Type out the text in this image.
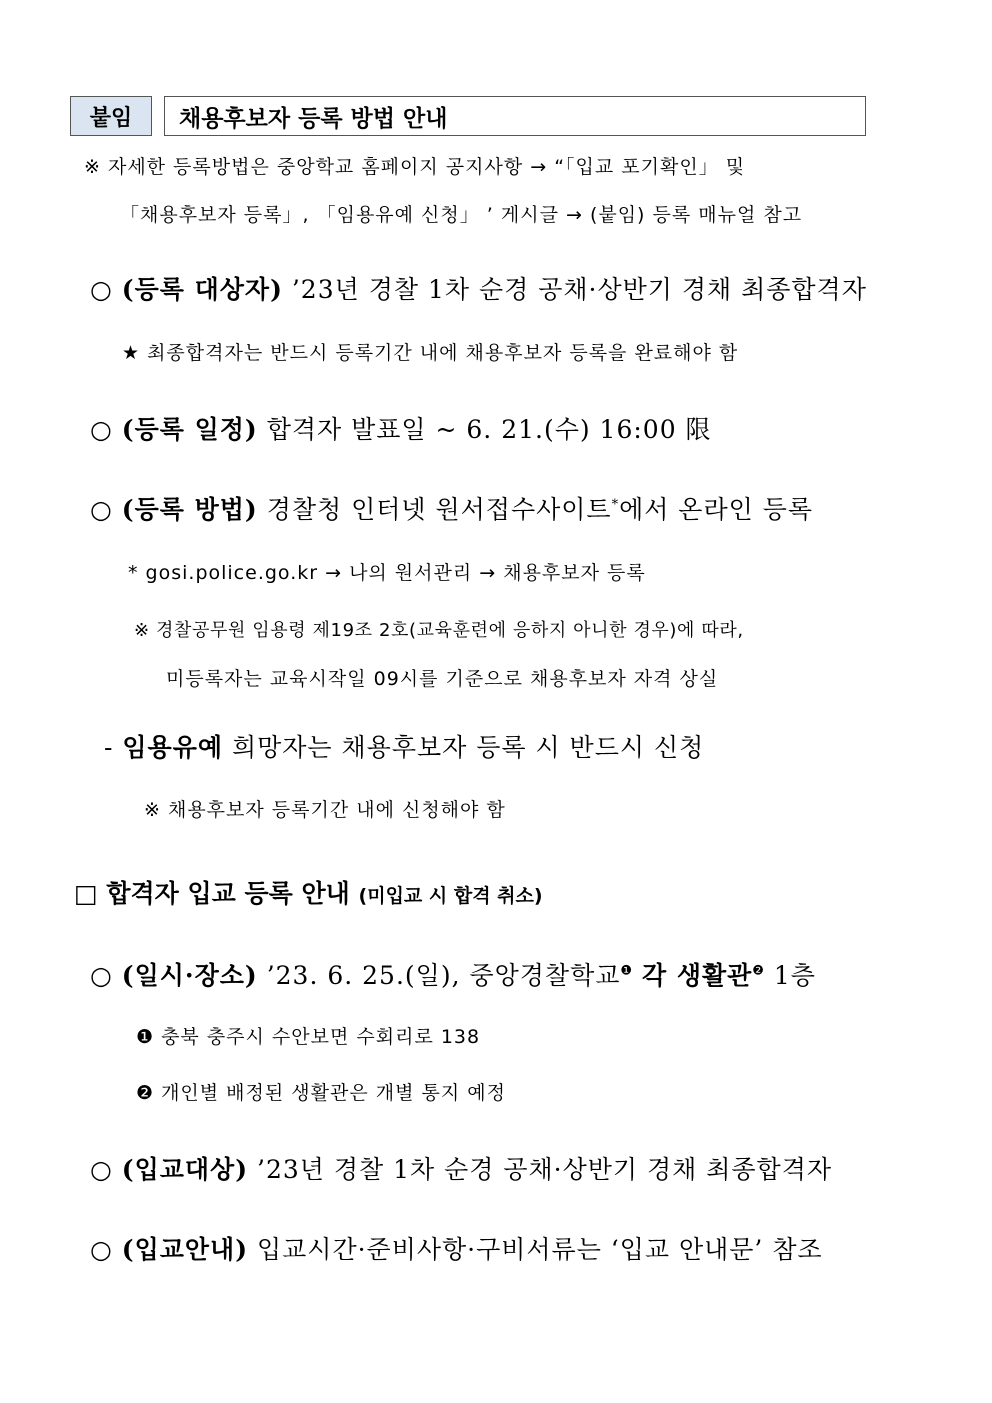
붙임 채용후보자 등록 방법 안내
※ 자세한 등록방법은 중앙학교 홈페이지 공지사항 → “「입교 포기확인」 및
「채용후보자 등록」, 「임용유예 신청」 ’ 게시글 → (붙임) 등록 매뉴얼 참고
○ (등록 대상자) ’23년 경찰 1차 순경 공채·상반기 경채 최종합격자
★ 최종합격자는 반드시 등록기간 내에 채용후보자 등록을 완료해야 함
○ (등록 일정) 합격자 발표일 ~ 6. 21.(수) 16:00 限
○ (등록 방법) 경찰청 인터넷 원서접수사이트*에서 온라인 등록
* gosi.police.go.kr → 나의 원서관리 → 채용후보자 등록
※ 경찰공무원 임용령 제19조 2호(교육훈련에 응하지 아니한 경우)에 따라,
미등록자는 교육시작일 09시를 기준으로 채용후보자 자격 상실
- 임용유예 희망자는 채용후보자 등록 시 반드시 신청
※ 채용후보자 등록기간 내에 신청해야 함
□ 합격자 입교 등록 안내 (미입교 시 합격 취소)
○ (일시·장소) ’23. 6. 25.(일), 중앙경찰학교$^❶$ 각 생활관$^❷$ 1층
❶ 충북 충주시 수안보면 수회리로 138
❷ 개인별 배정된 생활관은 개별 통지 예정
○ (입교대상) ’23년 경찰 1차 순경 공채·상반기 경채 최종합격자
○ (입교안내) 입교시간·준비사항·구비서류는 ‘입교 안내문’ 참조
